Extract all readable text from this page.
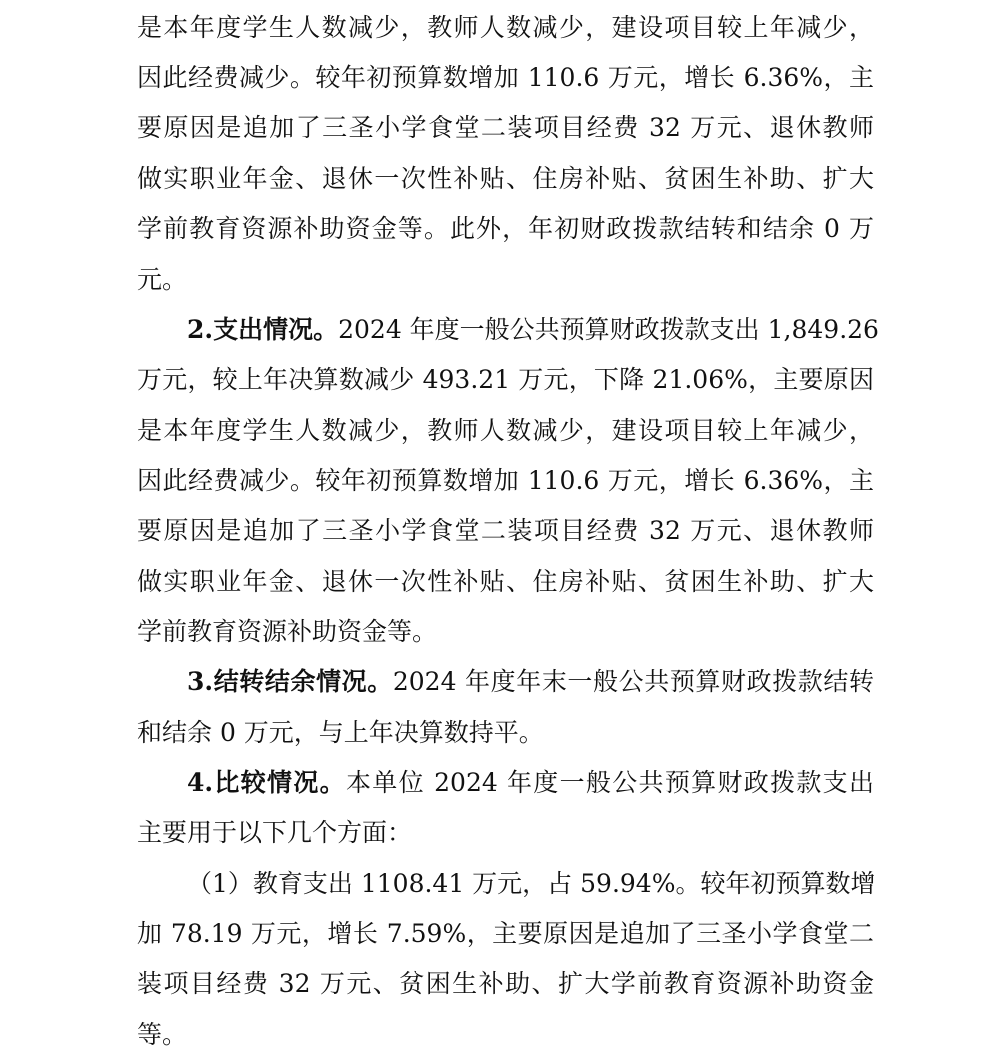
是本年度学生人数减少，教师人数减少，建设项目较上年减少，
因此经费减少。较年初预算数增加 110.6 万元，增长 6.36%，主
要原因是追加了三圣小学食堂二装项目经费 32 万元、退休教师
做实职业年金、退休一次性补贴、住房补贴、贫困生补助、扩大
学前教育资源补助资金等。此外，年初财政拨款结转和结余 0 万
元。
2.支出情况。2024 年度一般公共预算财政拨款支出 1,849.26
万元，较上年决算数减少 493.21 万元，下降 21.06%，主要原因
是本年度学生人数减少，教师人数减少，建设项目较上年减少，
因此经费减少。较年初预算数增加 110.6 万元，增长 6.36%，主
要原因是追加了三圣小学食堂二装项目经费 32 万元、退休教师
做实职业年金、退休一次性补贴、住房补贴、贫困生补助、扩大
学前教育资源补助资金等。
3.结转结余情况。2024 年度年末一般公共预算财政拨款结转
和结余 0 万元，与上年决算数持平。
4.比较情况。本单位 2024 年度一般公共预算财政拨款支出
主要用于以下几个方面：
（1）教育支出 1108.41 万元，占 59.94%。较年初预算数增
加 78.19 万元，增长 7.59%，主要原因是追加了三圣小学食堂二
装项目经费 32 万元、贫困生补助、扩大学前教育资源补助资金
等。
